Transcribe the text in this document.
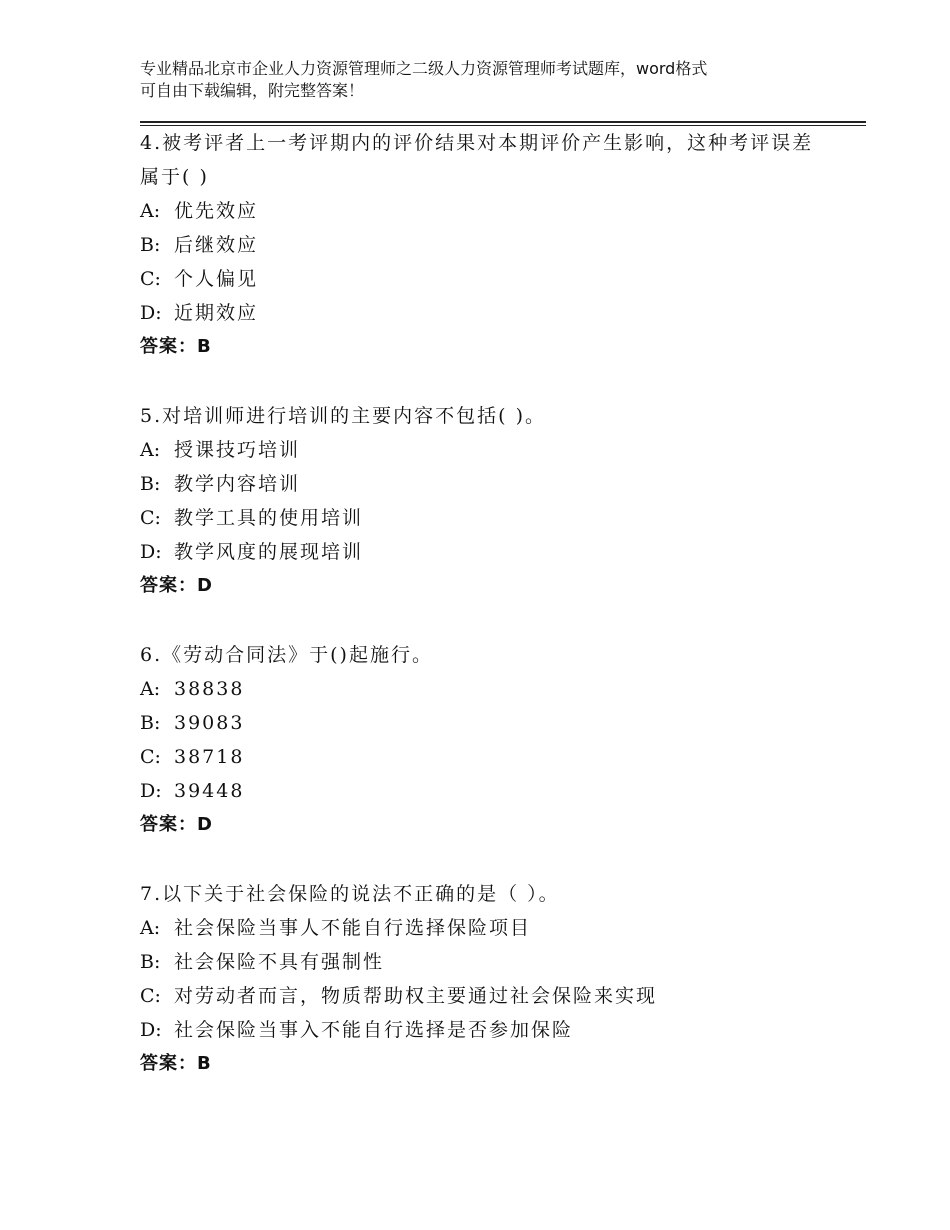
专业精品北京市企业人力资源管理师之二级人力资源管理师考试题库，word格式
可自由下载编辑，附完整答案！
4.被考评者上一考评期内的评价结果对本期评价产生影响，这种考评误差属于( )
A: 优先效应
B: 后继效应
C: 个人偏见
D: 近期效应
答案：B
5.对培训师进行培训的主要内容不包括( )。
A: 授课技巧培训
B: 教学内容培训
C: 教学工具的使用培训
D: 教学风度的展现培训
答案：D
6.《劳动合同法》于()起施行。
A: 38838
B: 39083
C: 38718
D: 39448
答案：D
7.以下关于社会保险的说法不正确的是（ ）。
A: 社会保险当事人不能自行选择保险项目
B: 社会保险不具有强制性
C: 对劳动者而言，物质帮助权主要通过社会保险来实现
D: 社会保险当事入不能自行选择是否参加保险
答案：B
